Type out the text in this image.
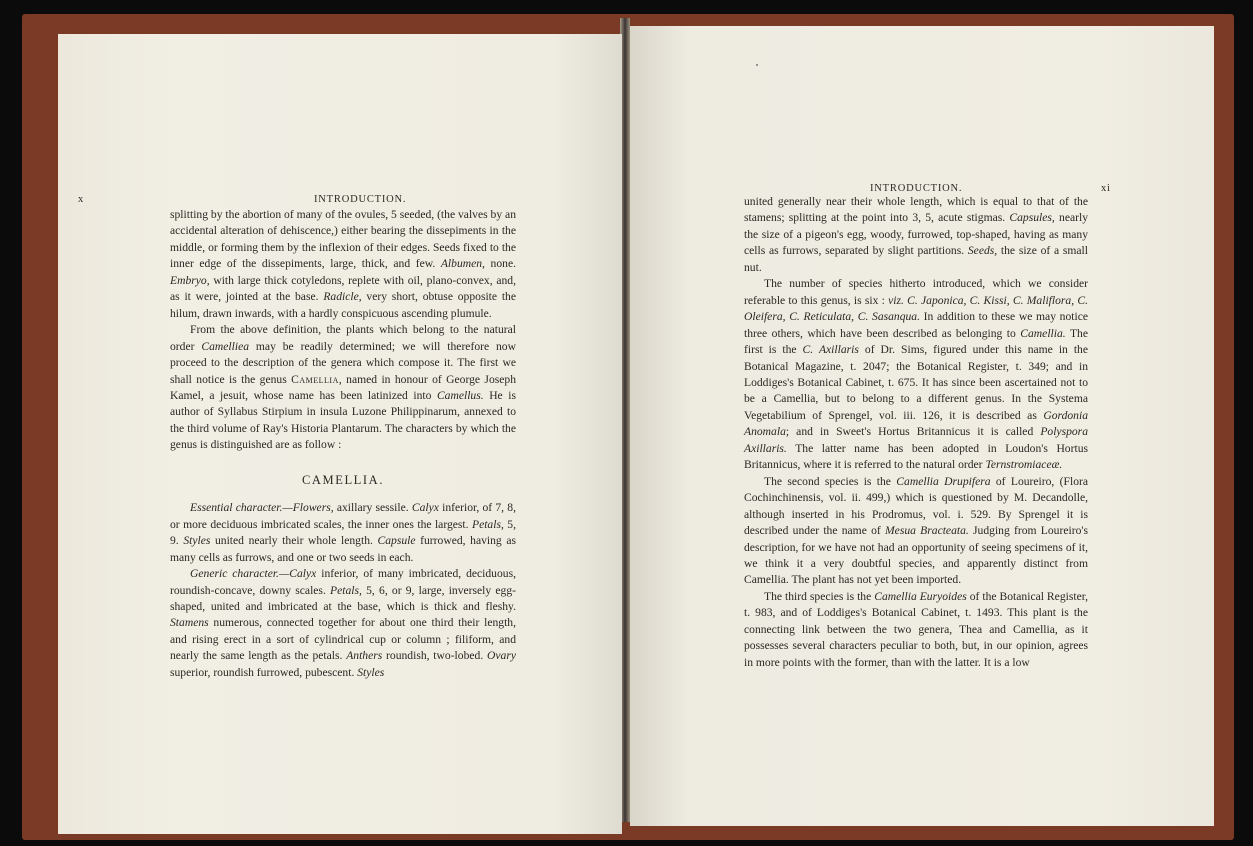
x	INTRODUCTION.
INTRODUCTION.	xi

splitting by the abortion of many of the ovules, 5 seeded, (the valves by an accidental alteration of dehiscence,) either bearing the dissepiments in the middle, or forming them by the inflexion of their edges. Seeds fixed to the inner edge of the dissepiments, large, thick, and few. Albumen, none. Embryo, with large thick cotyledons, replete with oil, plano-convex, and, as it were, jointed at the base. Radicle, very short, obtuse opposite the hilum, drawn inwards, with a hardly conspicuous ascending plumule.

From the above definition, the plants which belong to the natural order Camelliea may be readily determined; we will therefore now proceed to the description of the genera which compose it. The first we shall notice is the genus Camellia, named in honour of George Joseph Kamel, a jesuit, whose name has been latinized into Camellus. He is author of Syllabus Stirpium in insula Luzone Philippinarum, annexed to the third volume of Ray's Historia Plantarum. The characters by which the genus is distinguished are as follow :

CAMELLIA.

Essential character.—Flowers, axillary sessile. Calyx inferior, of 7, 8, or more deciduous imbricated scales, the inner ones the largest. Petals, 5, 9. Styles united nearly their whole length. Capsule furrowed, having as many cells as furrows, and one or two seeds in each.

Generic character.—Calyx inferior, of many imbricated, deciduous, roundish-concave, downy scales. Petals, 5, 6, or 9, large, inversely egg-shaped, united and imbricated at the base, which is thick and fleshy. Stamens numerous, connected together for about one third their length, and rising erect in a sort of cylindrical cup or column ; filiform, and nearly the same length as the petals. Anthers roundish, two-lobed. Ovary superior, roundish furrowed, pubescent. Styles

united generally near their whole length, which is equal to that of the stamens; splitting at the point into 3, 5, acute stigmas. Capsules, nearly the size of a pigeon's egg, woody, furrowed, top-shaped, having as many cells as furrows, separated by slight partitions. Seeds, the size of a small nut.

The number of species hitherto introduced, which we consider referable to this genus, is six : viz. C. Japonica, C. Kissi, C. Maliflora, C. Oleifera, C. Reticulata, C. Sasanqua. In addition to these we may notice three others, which have been described as belonging to Camellia. The first is the C. Axillaris of Dr. Sims, figured under this name in the Botanical Magazine, t. 2047; the Botanical Register, t. 349; and in Loddiges's Botanical Cabinet, t. 675. It has since been ascertained not to be a Camellia, but to belong to a different genus. In the Systema Vegetabilium of Sprengel, vol. iii. 126, it is described as Gordonia Anomala; and in Sweet's Hortus Britannicus it is called Polyspora Axillaris. The latter name has been adopted in Loudon's Hortus Britannicus, where it is referred to the natural order Ternstromiaceæ.

The second species is the Camellia Drupifera of Loureiro, (Flora Cochinchinensis, vol. ii. 499,) which is questioned by M. Decandolle, although inserted in his Prodromus, vol. i. 529. By Sprengel it is described under the name of Mesua Bracteata. Judging from Loureiro's description, for we have not had an opportunity of seeing specimens of it, we think it a very doubtful species, and apparently distinct from Camellia. The plant has not yet been imported.

The third species is the Camellia Euryoides of the Botanical Register, t. 983, and of Loddiges's Botanical Cabinet, t. 1493. This plant is the connecting link between the two genera, Thea and Camellia, as it possesses several characters peculiar to both, but, in our opinion, agrees in more points with the former, than with the latter. It is a low
